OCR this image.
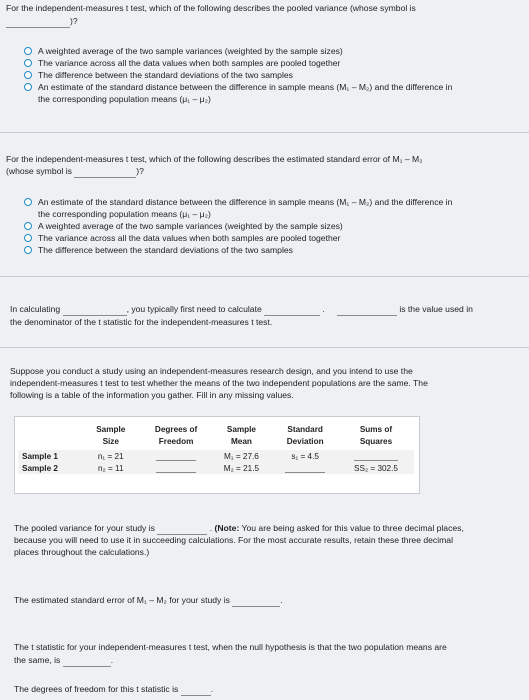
For the independent-measures t test, which of the following describes the pooled variance (whose symbol is
)?
A weighted average of the two sample variances (weighted by the sample sizes)
The variance across all the data values when both samples are pooled together
The difference between the standard deviations of the two samples
An estimate of the standard distance between the difference in sample means (M₁ – M₂) and the difference in
the corresponding population means (μ₁ – μ₂)
For the independent-measures t test, which of the following describes the estimated standard error of M₁ – M₂
(whose symbol is	)?
An estimate of the standard distance between the difference in sample means (M₁ – M₂) and the difference in
the corresponding population means (μ₁ – μ₂)
A weighted average of the two sample variances (weighted by the sample sizes)
The variance across all the data values when both samples are pooled together
The difference between the standard deviations of the two samples
In calculating	, you typically first need to calculate	.	is the value used in
the denominator of the t statistic for the independent-measures t test.
Suppose you conduct a study using an independent-measures research design, and you intend to use the
independent-measures t test to test whether the means of the two independent populations are the same. The
following is a table of the information you gather. Fill in any missing values.
	Sample	Degrees of	Sample	Standard	Sums of
	Size	Freedom	Mean	Deviation	Squares

Sample 1	n₁ = 21		M₁ = 27.6	s₁ = 4.5	
Sample 2	n₂ = 11		M₂ = 21.5		SS₂ = 302.5
The pooled variance for your study is	. (Note: You are being asked for this value to three decimal places,
because you will need to use it in succeeding calculations. For the most accurate results, retain these three decimal
places throughout the calculations.)
The estimated standard error of M₁ – M₂ for your study is	.
The t statistic for your independent-measures t test, when the null hypothesis is that the two population means are
the same, is	.
The degrees of freedom for this t statistic is	.
